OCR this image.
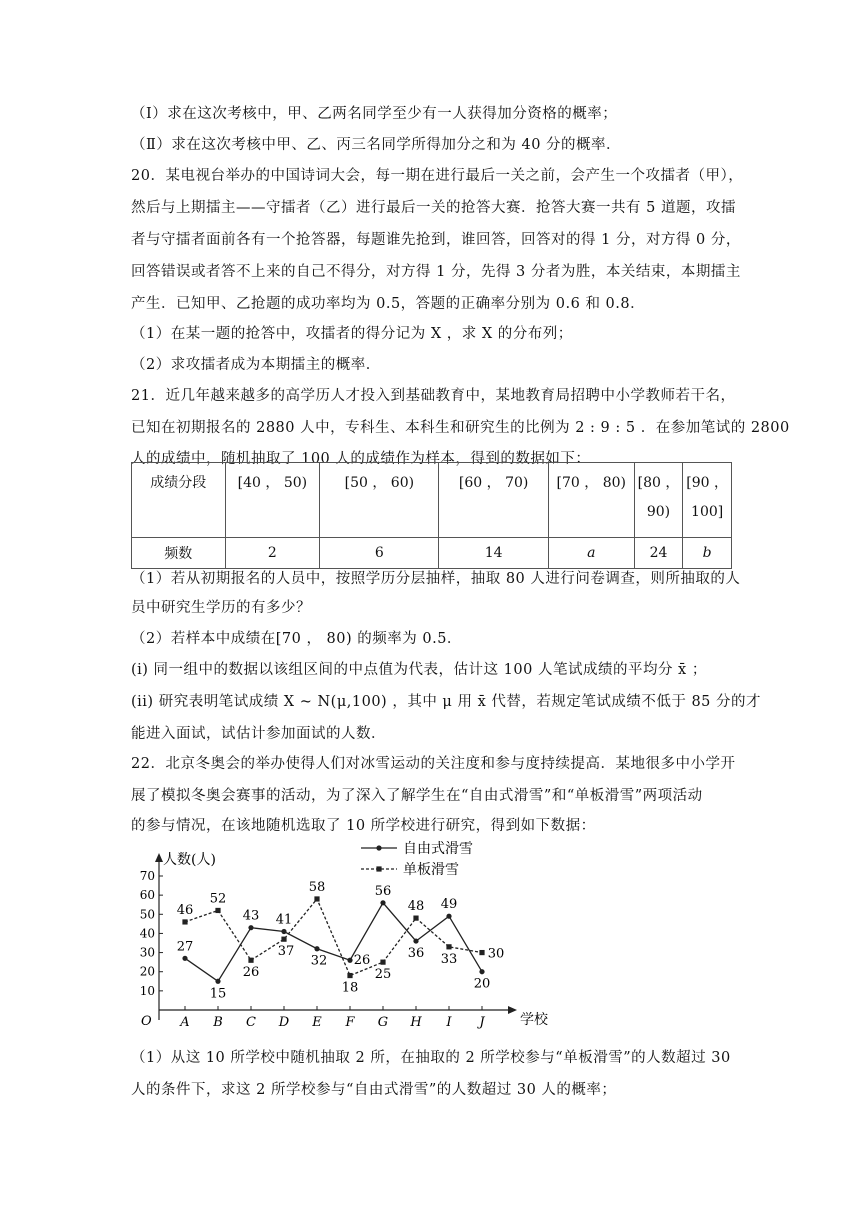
（Ⅰ）求在这次考核中，甲、乙两名同学至少有一人获得加分资格的概率；
（Ⅱ）求在这次考核中甲、乙、丙三名同学所得加分之和为 40 分的概率．
20．某电视台举办的中国诗词大会，每一期在进行最后一关之前，会产生一个攻擂者（甲），
然后与上期擂主——守擂者（乙）进行最后一关的抢答大赛．抢答大赛一共有 5 道题，攻擂
者与守擂者面前各有一个抢答器，每题谁先抢到，谁回答，回答对的得 1 分，对方得 0 分，
回答错误或者答不上来的自己不得分，对方得 1 分，先得 3 分者为胜，本关结束，本期擂主
产生．已知甲、乙抢题的成功率均为 0.5，答题的正确率分别为 0.6 和 0.8．
（1）在某一题的抢答中，攻擂者的得分记为 X ，求 X 的分布列；
（2）求攻擂者成为本期擂主的概率．
21．近几年越来越多的高学历人才投入到基础教育中，某地教育局招聘中小学教师若干名，
已知在初期报名的 2880 人中，专科生、本科生和研究生的比例为 2 : 9 : 5 ．在参加笔试的 2800
人的成绩中，随机抽取了 100 人的成绩作为样本，得到的数据如下：
成绩分段	[40 ， 50)	[50 ， 60)	[60 ， 70)	[70 ， 80)	[80 ，
90)	[90 ，
100]
频数	2	6	14	a	24	b
（1）若从初期报名的人员中，按照学历分层抽样，抽取 80 人进行问卷调查，则所抽取的人
员中研究生学历的有多少？
（2）若样本中成绩在[70 ， 80) 的频率为 0.5．
(i) 同一组中的数据以该组区间的中点值为代表，估计这 100 人笔试成绩的平均分 x̄ ；
(ii) 研究表明笔试成绩 X ~ N(μ,100) ，其中 μ 用 x̄ 代替，若规定笔试成绩不低于 85 分的才
能进入面试，试估计参加面试的人数．
22．北京冬奥会的举办使得人们对冰雪运动的关注度和参与度持续提高．某地很多中小学开
展了模拟冬奥会赛事的活动，为了深入了解学生在“自由式滑雪”和“单板滑雪”两项活动
的参与情况，在该地随机选取了 10 所学校进行研究，得到如下数据：
人数(人)
学校
O
10
20
30
40
50
60
70
A B C D E F G H I J
27
15
43 41
32 26
56
36
49
20
46
52
26
37
58
18
25
48
33 30
自由式滑雪
单板滑雪
（1）从这 10 所学校中随机抽取 2 所，在抽取的 2 所学校参与“单板滑雪”的人数超过 30
人的条件下，求这 2 所学校参与“自由式滑雪”的人数超过 30 人的概率；
